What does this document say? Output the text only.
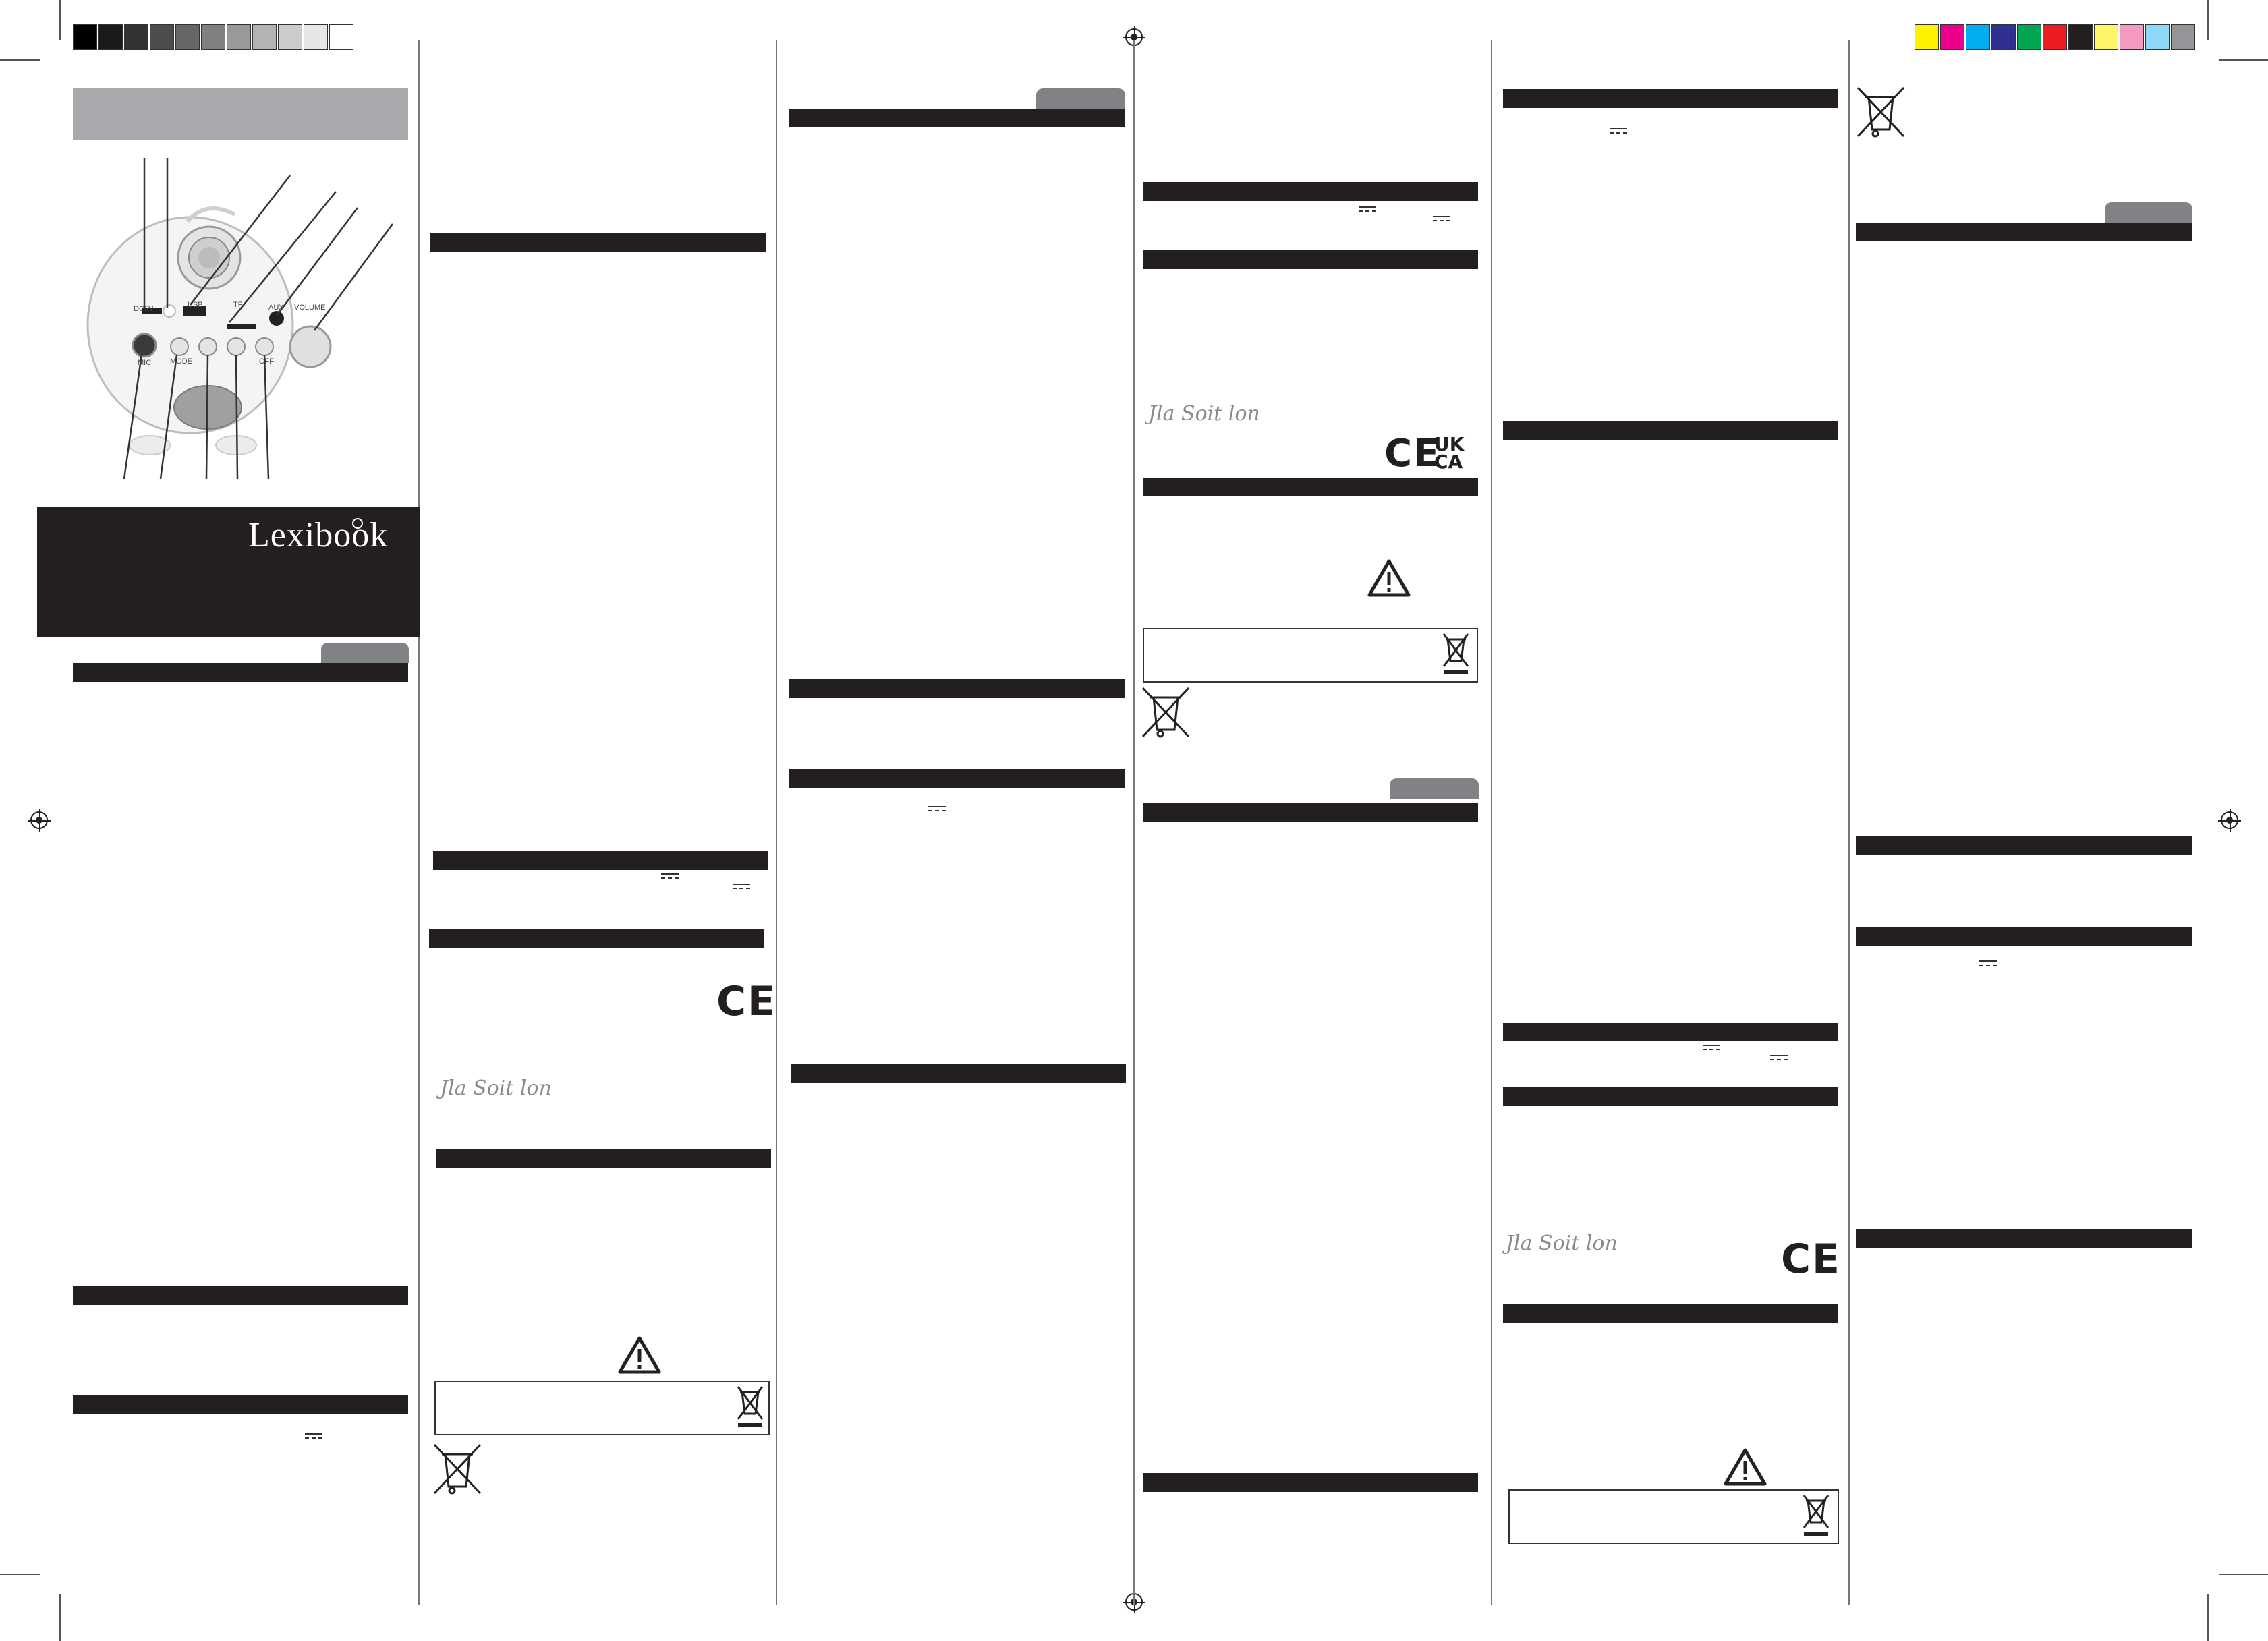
DC5V	USB	TF	AUX VOLUME
MIC	MODE	OFF
Lexibook
CE
Jla Soit lon
Jla Soit lon
CE
UK
CA
Jla Soit lon	CE
